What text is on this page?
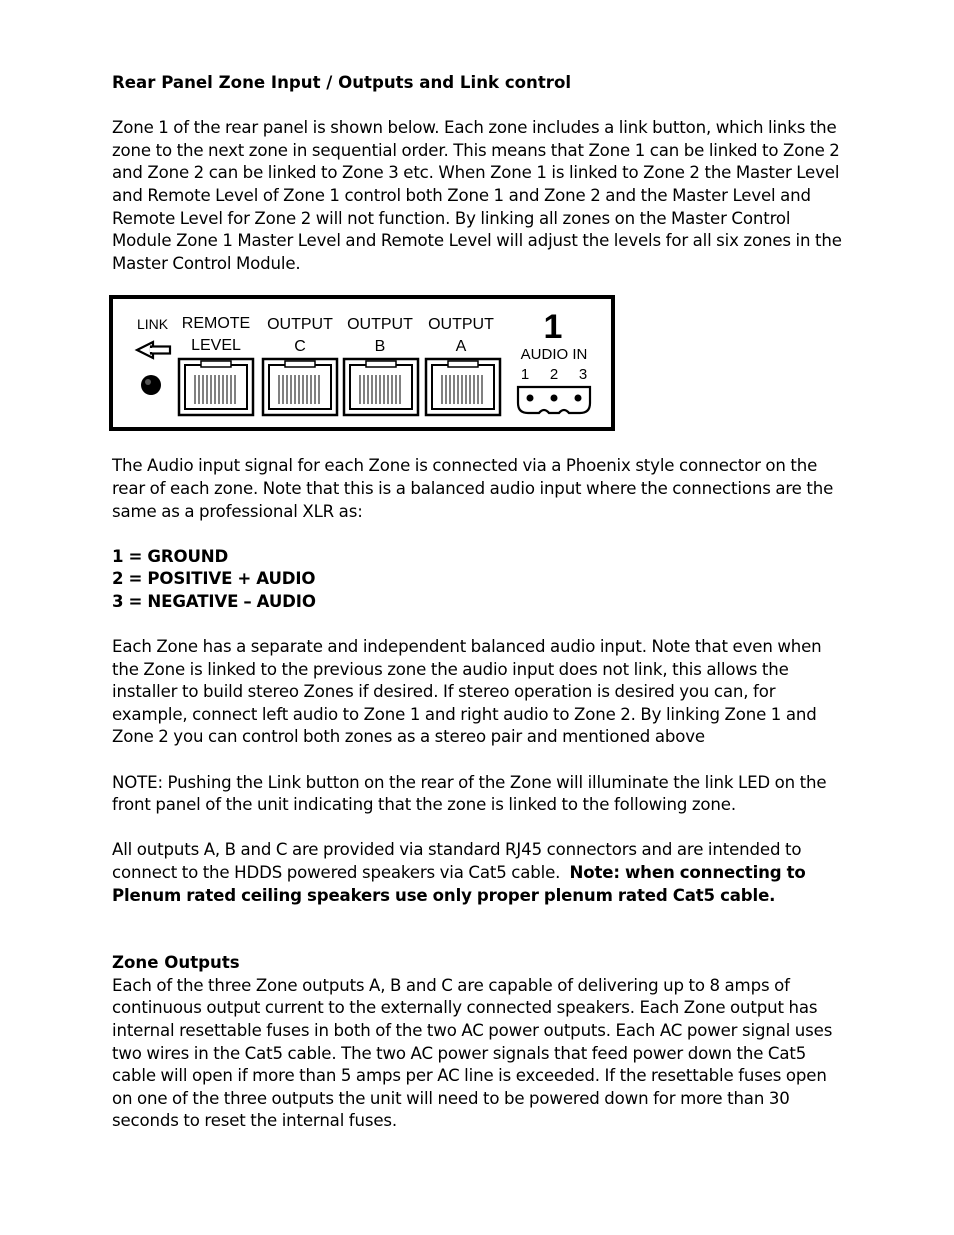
Rear Panel Zone Input / Outputs and Link control

Zone 1 of the rear panel is shown below. Each zone includes a link button, which links the zone to the next zone in sequential order. This means that Zone 1 can be linked to Zone 2 and Zone 2 can be linked to Zone 3 etc. When Zone 1 is linked to Zone 2 the Master Level and Remote Level of Zone 1 control both Zone 1 and Zone 2 and the Master Level and Remote Level for Zone 2 will not function. By linking all zones on the Master Control Module Zone 1 Master Level and Remote Level will adjust the levels for all six zones in the Master Control Module.

The Audio input signal for each Zone is connected via a Phoenix style connector on the rear of each zone. Note that this is a balanced audio input where the connections are the same as a professional XLR as:

1 = GROUND

2 = POSITIVE + AUDIO

3 = NEGATIVE – AUDIO

Each Zone has a separate and independent balanced audio input. Note that even when the Zone is linked to the previous zone the audio input does not link, this allows the installer to build stereo Zones if desired. If stereo operation is desired you can, for example, connect left audio to Zone 1 and right audio to Zone 2. By linking Zone 1 and Zone 2 you can control both zones as a stereo pair and mentioned above

NOTE: Pushing the Link button on the rear of the Zone will illuminate the link LED on the front panel of the unit indicating that the zone is linked to the following zone.

All outputs A, B and C are provided via standard RJ45 connectors and are intended to connect to the HDDS powered speakers via Cat5 cable. Note: when connecting to Plenum rated ceiling speakers use only proper plenum rated Cat5 cable.

Zone Outputs

Each of the three Zone outputs A, B and C are capable of delivering up to 8 amps of continuous output current to the externally connected speakers. Each Zone output has internal resettable fuses in both of the two AC power outputs. Each AC power signal uses two wires in the Cat5 cable. The two AC power signals that feed power down the Cat5 cable will open if more than 5 amps per AC line is exceeded. If the resettable fuses open on one of the three outputs the unit will need to be powered down for more than 30 seconds to reset the internal fuses.

LINK REMOTE
LEVEL
OUTPUT
C
OUTPUT
B
OUTPUT
A
1
AUDIO IN
1 2 3
